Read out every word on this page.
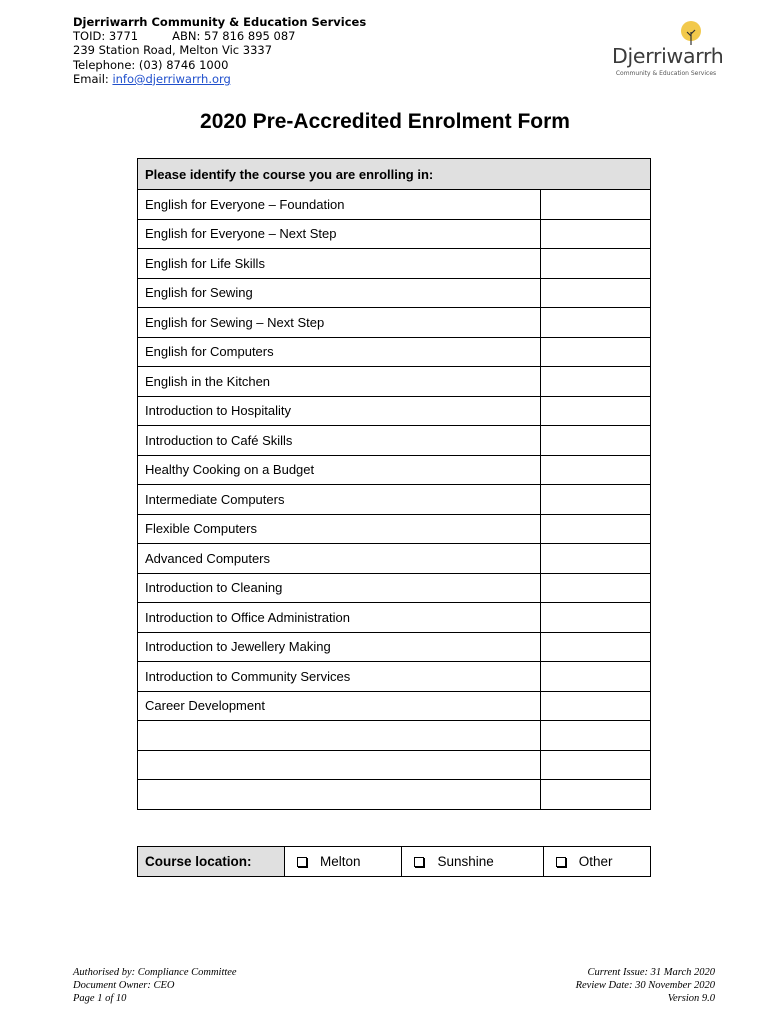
Djerriwarrh Community & Education Services
TOID: 3771	ABN: 57 816 895 087
239 Station Road, Melton Vic 3337
Telephone: (03) 8746 1000
Email: info@djerriwarrh.org
Djerriwarrh
Community & Education Services
2020 Pre-Accredited Enrolment Form
Please identify the course you are enrolling in:	
English for Everyone – Foundation	
English for Everyone – Next Step	
English for Life Skills	
English for Sewing	
English for Sewing – Next Step	
English for Computers	
English in the Kitchen	
Introduction to Hospitality	
Introduction to Café Skills	
Healthy Cooking on a Budget	
Intermediate Computers	
Flexible Computers	
Advanced Computers	
Introduction to Cleaning	
Introduction to Office Administration	
Introduction to Jewellery Making	
Introduction to Community Services	
Career Development	

Course location:	Melton	Sunshine	Other
Authorised by: Compliance Committee
Document Owner: CEO
Page 1 of 10
Current Issue: 31 March 2020
Review Date: 30 November 2020
Version 9.0
